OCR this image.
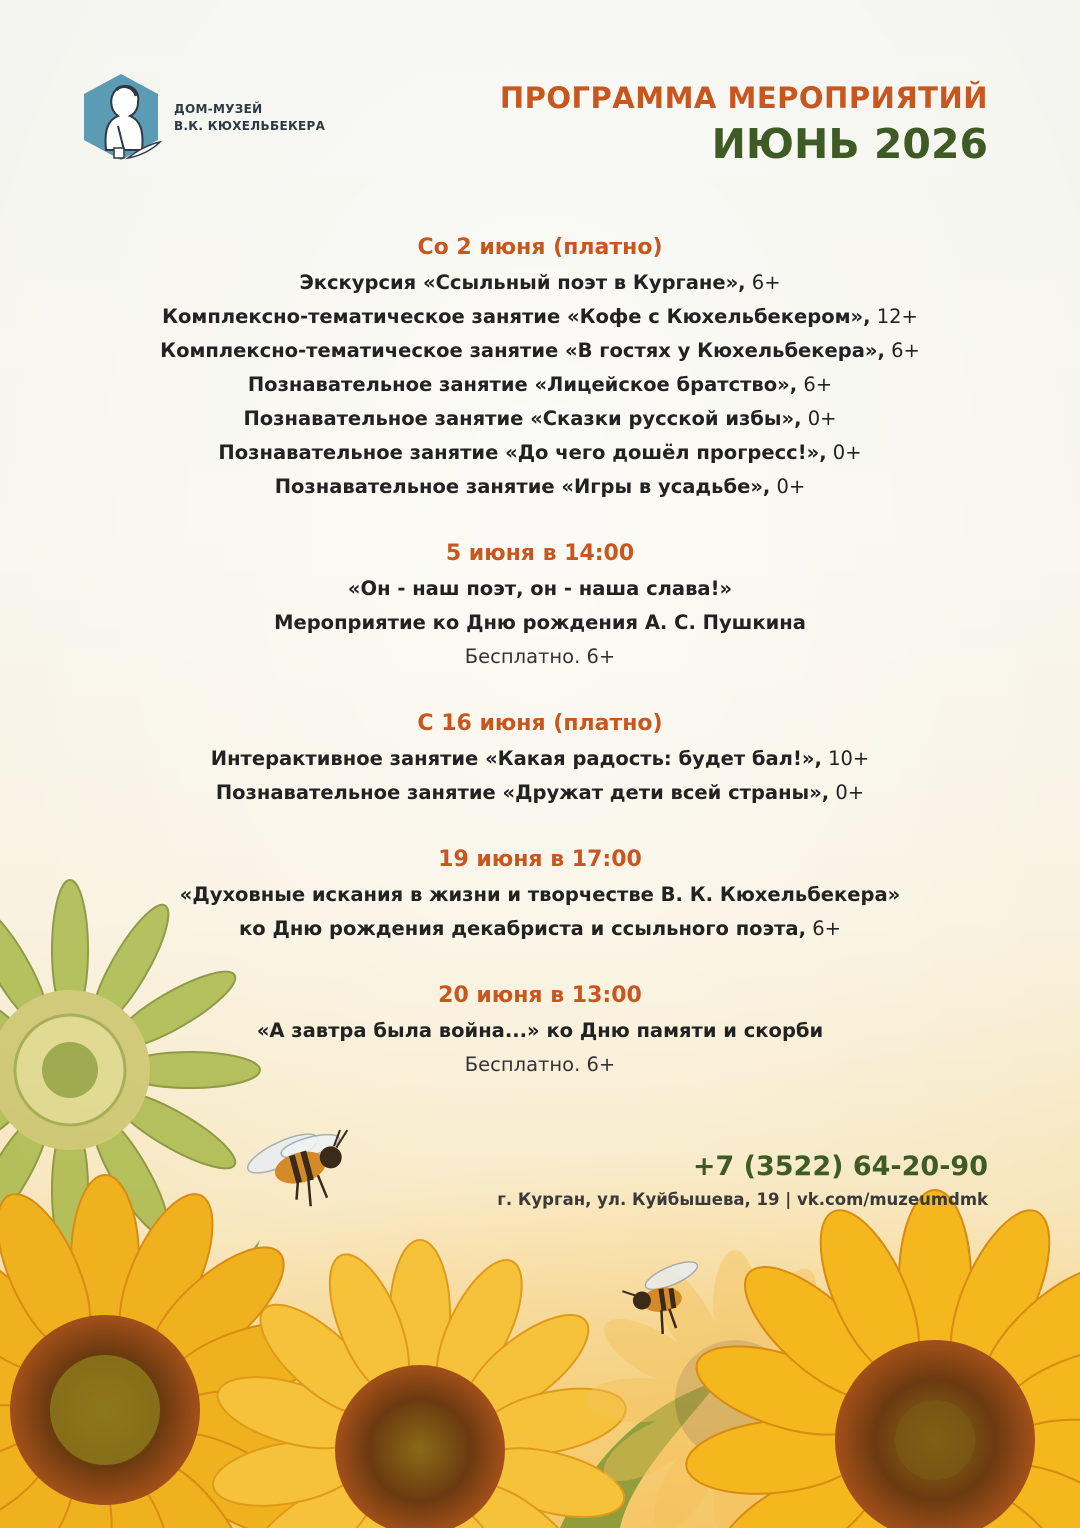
ДОМ-МУЗЕЙ
В.К. КЮХЕЛЬБЕКЕРА
ПРОГРАММА МЕРОПРИЯТИЙ
ИЮНЬ 2026
Со 2 июня (платно)
Экскурсия «Ссыльный поэт в Кургане», 6+
Комплексно-тематическое занятие «Кофе с Кюхельбекером», 12+
Комплексно-тематическое занятие «В гостях у Кюхельбекера», 6+
Познавательное занятие «Лицейское братство», 6+
Познавательное занятие «Сказки русской избы», 0+
Познавательное занятие «До чего дошёл прогресс!», 0+
Познавательное занятие «Игры в усадьбе», 0+
5 июня в 14:00
«Он - наш поэт, он - наша слава!»
Мероприятие ко Дню рождения А. С. Пушкина
Бесплатно. 6+
С 16 июня (платно)
Интерактивное занятие «Какая радость: будет бал!», 10+
Познавательное занятие «Дружат дети всей страны», 0+
19 июня в 17:00
«Духовные искания в жизни и творчестве В. К. Кюхельбекера»
ко Дню рождения декабриста и ссыльного поэта, 6+
20 июня в 13:00
«А завтра была война...» ко Дню памяти и скорби
Бесплатно. 6+
+7 (3522) 64-20-90
г. Курган, ул. Куйбышева, 19 | vk.com/muzeumdmk
